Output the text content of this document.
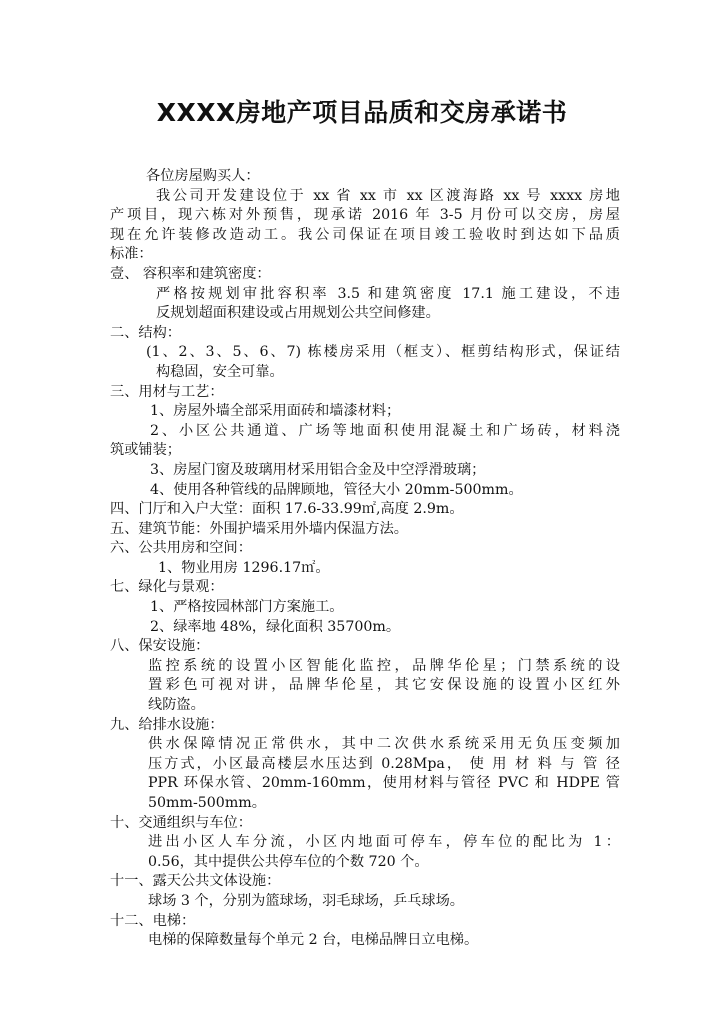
XXXX房地产项目品质和交房承诺书
各位房屋购买人：
我公司开发建设位于 xx 省 xx 市 xx 区渡海路 xx 号 xxxx 房地
产项目，现六栋对外预售，现承诺 2016 年 3-5 月份可以交房，房屋
现在允许装修改造动工。我公司保证在项目竣工验收时到达如下品质
标准：
壹、 容积率和建筑密度：
严格按规划审批容积率 3.5 和建筑密度 17.1 施工建设，不违
反规划超面积建设或占用规划公共空间修建。
二、结构：
(1、2、3、5、6、7) 栋楼房采用（框支）、框剪结构形式，保证结
构稳固，安全可靠。
三、用材与工艺：
1、房屋外墙全部采用面砖和墙漆材料；
2、小区公共通道、广场等地面积使用混凝土和广场砖，材料浇
筑或铺装；
3、房屋门窗及玻璃用材采用铝合金及中空浮滑玻璃；
4、使用各种管线的品牌顾地，管径大小 20mm-500mm。
四、门厅和入户大堂：面积 17.6-33.99㎡,高度 2.9m。
五、建筑节能：外围护墙采用外墙内保温方法。
六、公共用房和空间：
1、物业用房 1296.17㎡。
七、绿化与景观：
1、严格按园林部门方案施工。
2、绿率地 48%，绿化面积 35700m。
八、保安设施：
监控系统的设置小区智能化监控，品牌华伦星；门禁系统的设
置彩色可视对讲，品牌华伦星，其它安保设施的设置小区红外
线防盗。
九、给排水设施：
供水保障情况正常供水，其中二次供水系统采用无负压变频加
压方式，小区最高楼层水压达到 0.28Mpa， 使 用 材 料 与 管 径
PPR 环保水管、20mm-160mm，使用材料与管径 PVC 和 HDPE 管
50mm-500mm。
十、交通组织与车位：
进出小区人车分流，小区内地面可停车，停车位的配比为 1：
0.56，其中提供公共停车位的个数 720 个。
十一、露天公共文体设施：
球场 3 个，分别为篮球场，羽毛球场，乒乓球场。
十二、电梯：
电梯的保障数量每个单元 2 台，电梯品牌日立电梯。
